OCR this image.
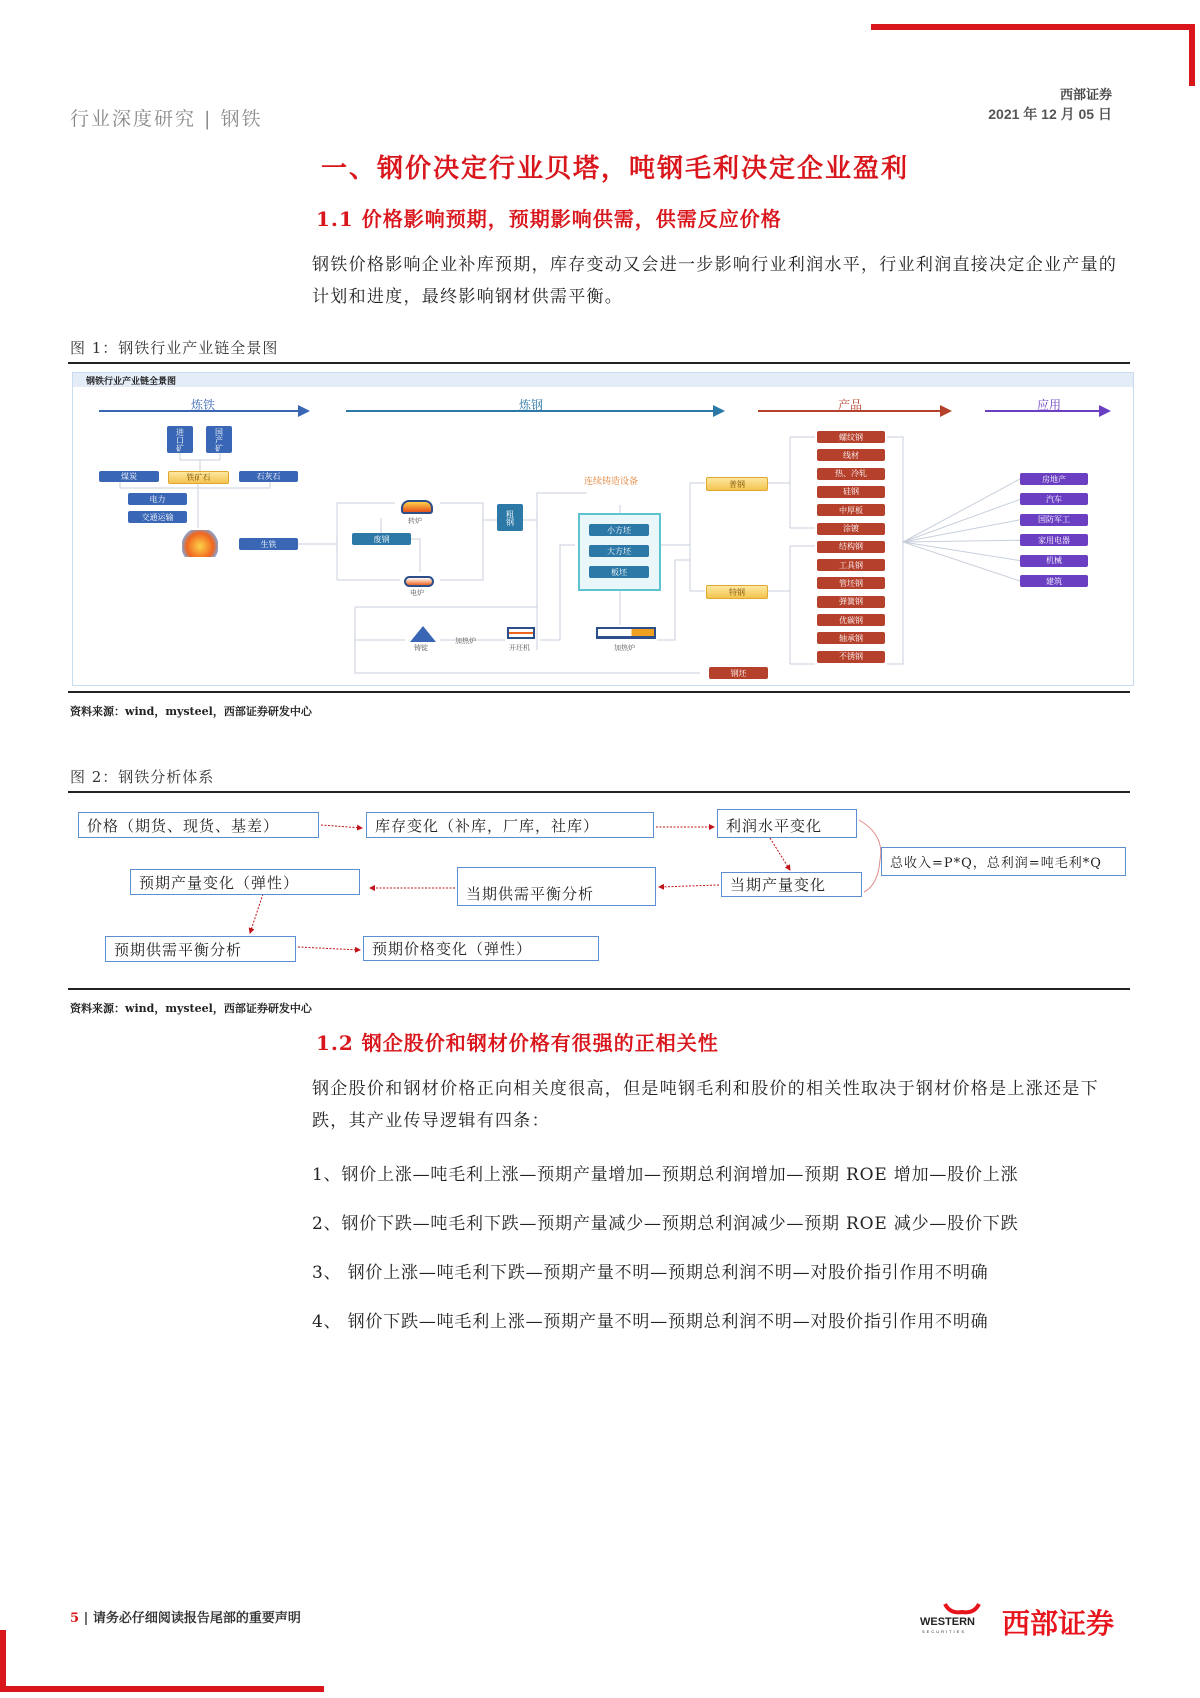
行业深度研究 | 钢铁
西部证券
2021 年 12 月 05 日
一、钢价决定行业贝塔，吨钢毛利决定企业盈利
1.1 价格影响预期，预期影响供需，供需反应价格
钢铁价格影响企业补库预期，库存变动又会进一步影响行业利润水平，行业利润直接决定企业产量的计划和进度，最终影响钢材供需平衡。
图 1：钢铁行业产业链全景图
钢铁行业产业链全景图
炼铁	炼钢	产品	应用
进口矿	国产矿
煤炭	铁矿石	石灰石
电力
交通运输
生铁
转炉
废钢
电炉
粗钢
铸锭
加热炉
开坯机
连续铸造设备
小方坯
大方坯
板坯
加热炉
普钢
特钢
钢坯
螺纹钢
线材
热、冷轧
硅钢
中厚板
涂镀
结构钢
工具钢
管坯钢
弹簧钢
优碳钢
轴承钢
不锈钢
房地产
汽车
国防军工
家用电器
机械
建筑
资料来源：wind，mysteel，西部证券研发中心
图 2：钢铁分析体系
价格（期货、现货、基差）	库存变化（补库，厂库，社库）	利润水平变化
当期产量变化
当期供需平衡分析
预期产量变化（弹性）
预期供需平衡分析	预期价格变化（弹性）
总收入=P*Q，总利润=吨毛利*Q
资料来源：wind，mysteel，西部证券研发中心
1.2 钢企股价和钢材价格有很强的正相关性
钢企股价和钢材价格正向相关度很高，但是吨钢毛利和股价的相关性取决于钢材价格是上涨还是下跌，其产业传导逻辑有四条：
1、钢价上涨—吨毛利上涨—预期产量增加—预期总利润增加—预期 ROE 增加—股价上涨
2、钢价下跌—吨毛利下跌—预期产量减少—预期总利润减少—预期 ROE 减少—股价下跌
3、 钢价上涨—吨毛利下跌—预期产量不明—预期总利润不明—对股价指引作用不明确
4、 钢价下跌—吨毛利上涨—预期产量不明—预期总利润不明—对股价指引作用不明确
5 | 请务必仔细阅读报告尾部的重要声明	WESTERN
SECURITIES 西部证券
